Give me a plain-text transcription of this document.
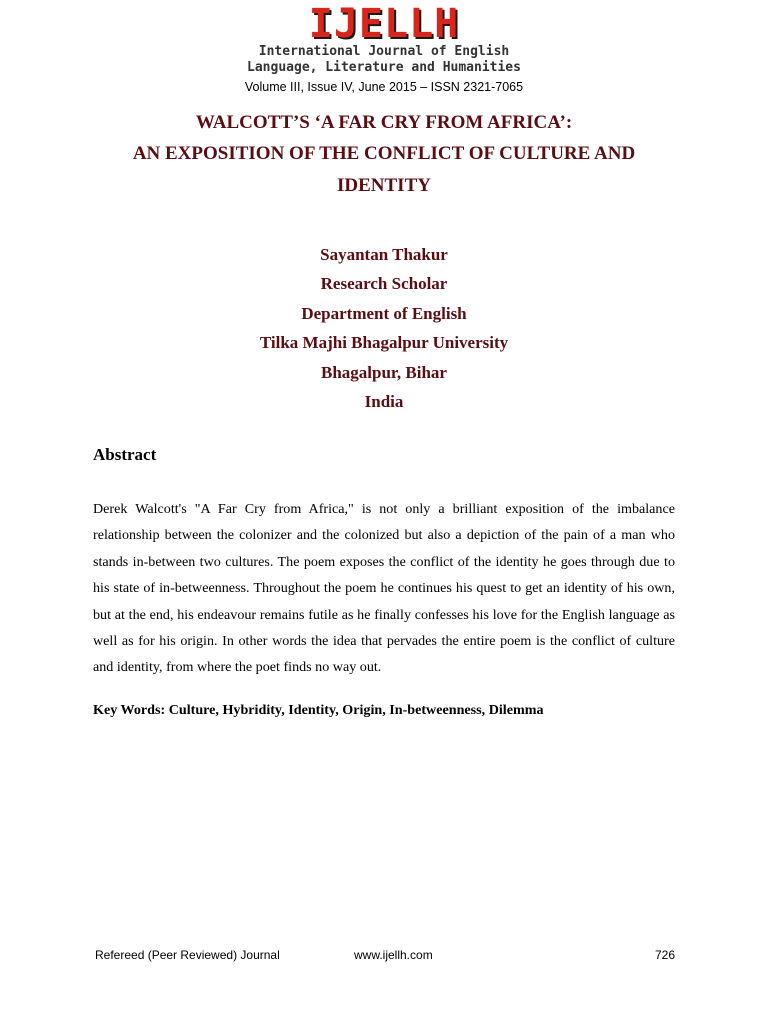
IJELLH
International Journal of English
Language, Literature and Humanities
Volume III, Issue IV, June 2015 – ISSN 2321-7065
WALCOTT’S ‘A FAR CRY FROM AFRICA’:
AN EXPOSITION OF THE CONFLICT OF CULTURE AND
IDENTITY
Sayantan Thakur
Research Scholar
Department of English
Tilka Majhi Bhagalpur University
Bhagalpur, Bihar
India
Abstract
Derek Walcott's "A Far Cry from Africa," is not only a brilliant exposition of the imbalance relationship between the colonizer and the colonized but also a depiction of the pain of a man who stands in-between two cultures. The poem exposes the conflict of the identity he goes through due to his state of in-betweenness. Throughout the poem he continues his quest to get an identity of his own, but at the end, his endeavour remains futile as he finally confesses his love for the English language as well as for his origin. In other words the idea that pervades the entire poem is the conflict of culture and identity, from where the poet finds no way out.
Key Words: Culture, Hybridity, Identity, Origin, In-betweenness, Dilemma
Refereed (Peer Reviewed) Journal	www.ijellh.com	726
